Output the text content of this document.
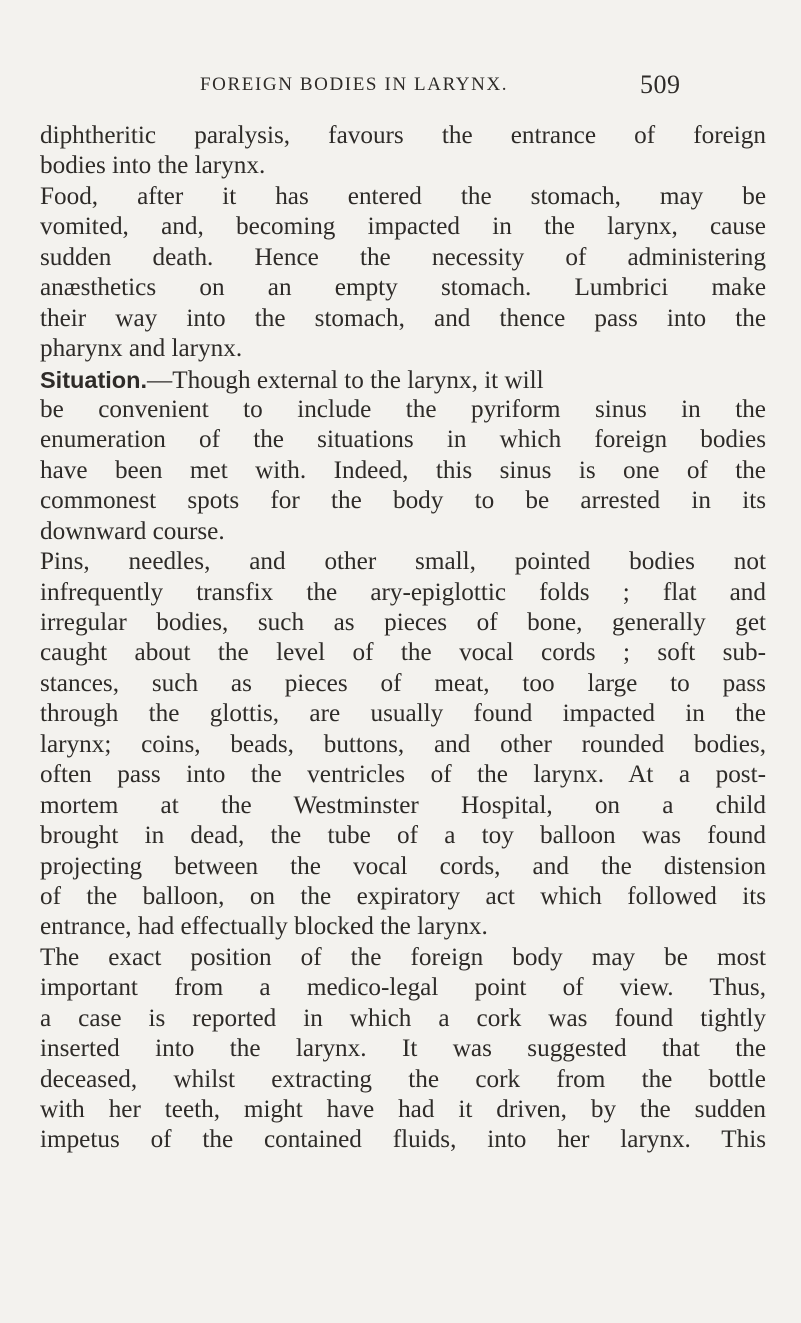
FOREIGN BODIES IN LARYNX.	509
diphtheritic paralysis, favours the entrance of foreign
bodies into the larynx.
Food, after it has entered the stomach, may be
vomited, and, becoming impacted in the larynx, cause
sudden death. Hence the necessity of administering
anæsthetics on an empty stomach. Lumbrici make
their way into the stomach, and thence pass into the
pharynx and larynx.
Situation.—Though external to the larynx, it will
be convenient to include the pyriform sinus in the
enumeration of the situations in which foreign bodies
have been met with. Indeed, this sinus is one of the
commonest spots for the body to be arrested in its
downward course.
Pins, needles, and other small, pointed bodies not
infrequently transfix the ary-epiglottic folds ; flat and
irregular bodies, such as pieces of bone, generally get
caught about the level of the vocal cords ; soft sub-
stances, such as pieces of meat, too large to pass
through the glottis, are usually found impacted in the
larynx; coins, beads, buttons, and other rounded bodies,
often pass into the ventricles of the larynx. At a post-
mortem at the Westminster Hospital, on a child
brought in dead, the tube of a toy balloon was found
projecting between the vocal cords, and the distension
of the balloon, on the expiratory act which followed its
entrance, had effectually blocked the larynx.
The exact position of the foreign body may be most
important from a medico-legal point of view. Thus,
a case is reported in which a cork was found tightly
inserted into the larynx. It was suggested that the
deceased, whilst extracting the cork from the bottle
with her teeth, might have had it driven, by the sudden
impetus of the contained fluids, into her larynx. This
